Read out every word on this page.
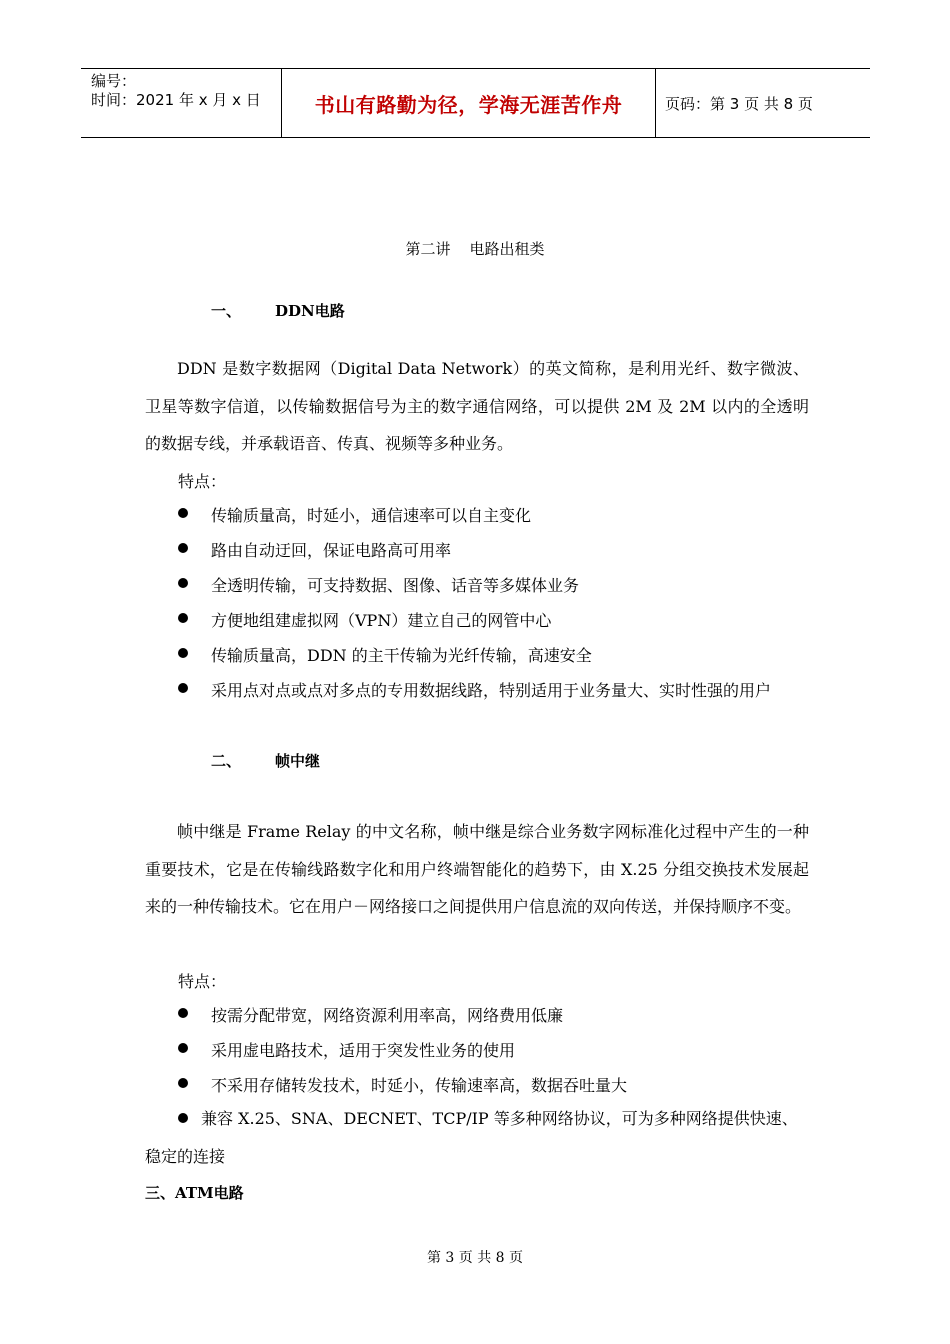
编号：
时间：2021 年 x 月 x 日	书山有路勤为径，学海无涯苦作舟	页码：第 3 页 共 8 页
第二讲    电路出租类
一、 DDN电路
DDN 是数字数据网（Digital Data Network）的英文简称，是利用光纤、数字微波、卫星等数字信道，以传输数据信号为主的数字通信网络，可以提供 2M 及 2M 以内的全透明的数据专线，并承载语音、传真、视频等多种业务。
特点：
传输质量高，时延小，通信速率可以自主变化
路由自动迂回，保证电路高可用率
全透明传输，可支持数据、图像、话音等多媒体业务
方便地组建虚拟网（VPN）建立自己的网管中心
传输质量高，DDN 的主干传输为光纤传输，高速安全
采用点对点或点对多点的专用数据线路，特别适用于业务量大、实时性强的用户
二、 帧中继
帧中继是 Frame Relay 的中文名称，帧中继是综合业务数字网标准化过程中产生的一种重要技术，它是在传输线路数字化和用户终端智能化的趋势下，由 X.25 分组交换技术发展起来的一种传输技术。它在用户－网络接口之间提供用户信息流的双向传送，并保持顺序不变。
特点：
按需分配带宽，网络资源利用率高，网络费用低廉
采用虚电路技术，适用于突发性业务的使用
不采用存储转发技术，时延小，传输速率高，数据吞吐量大
兼容 X.25、SNA、DECNET、TCP/IP 等多种网络协议，可为多种网络提供快速、稳定的连接
三、ATM电路
第 3 页 共 8 页
